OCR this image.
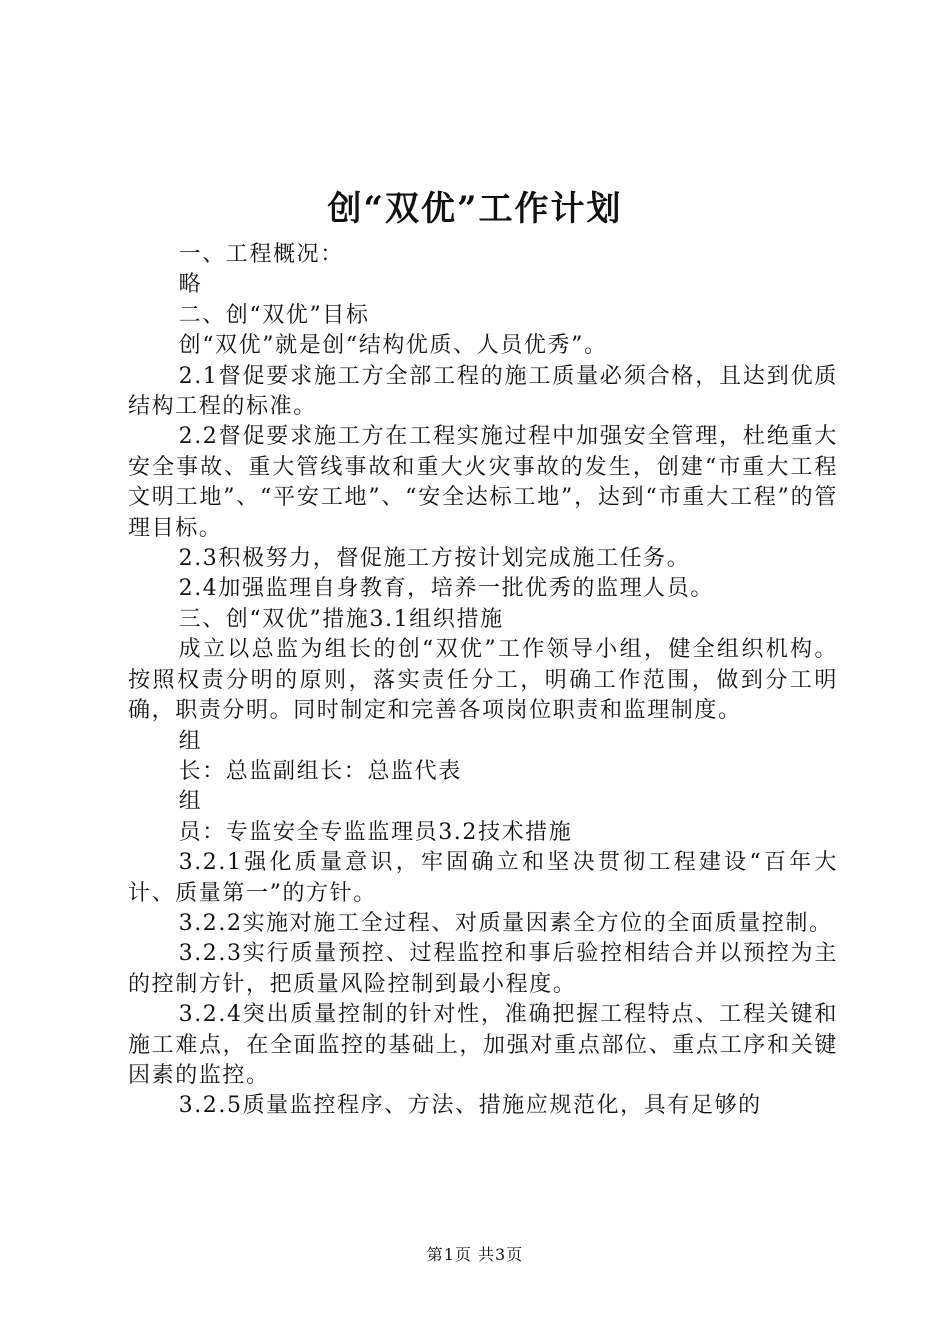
创“双优”工作计划

一、工程概况：

略

二、创“双优”目标

创“双优”就是创“结构优质、人员优秀”。

2.1督促要求施工方全部工程的施工质量必须合格，且达到优质结构工程的标准。

2.2督促要求施工方在工程实施过程中加强安全管理，杜绝重大安全事故、重大管线事故和重大火灾事故的发生，创建“市重大工程文明工地”、“平安工地”、“安全达标工地”，达到“市重大工程”的管理目标。

2.3积极努力，督促施工方按计划完成施工任务。

2.4加强监理自身教育，培养一批优秀的监理人员。

三、创“双优”措施3.1组织措施

成立以总监为组长的创“双优”工作领导小组，健全组织机构。按照权责分明的原则，落实责任分工，明确工作范围，做到分工明确，职责分明。同时制定和完善各项岗位职责和监理制度。

组

长：总监副组长：总监代表

组

员：专监安全专监监理员3.2技术措施

3.2.1强化质量意识，牢固确立和坚决贯彻工程建设“百年大计、质量第一”的方针。

3.2.2实施对施工全过程、对质量因素全方位的全面质量控制。

3.2.3实行质量预控、过程监控和事后验控相结合并以预控为主的控制方针，把质量风险控制到最小程度。

3.2.4突出质量控制的针对性，准确把握工程特点、工程关键和施工难点，在全面监控的基础上，加强对重点部位、重点工序和关键因素的监控。

3.2.5质量监控程序、方法、措施应规范化，具有足够的

第1页 共3页
